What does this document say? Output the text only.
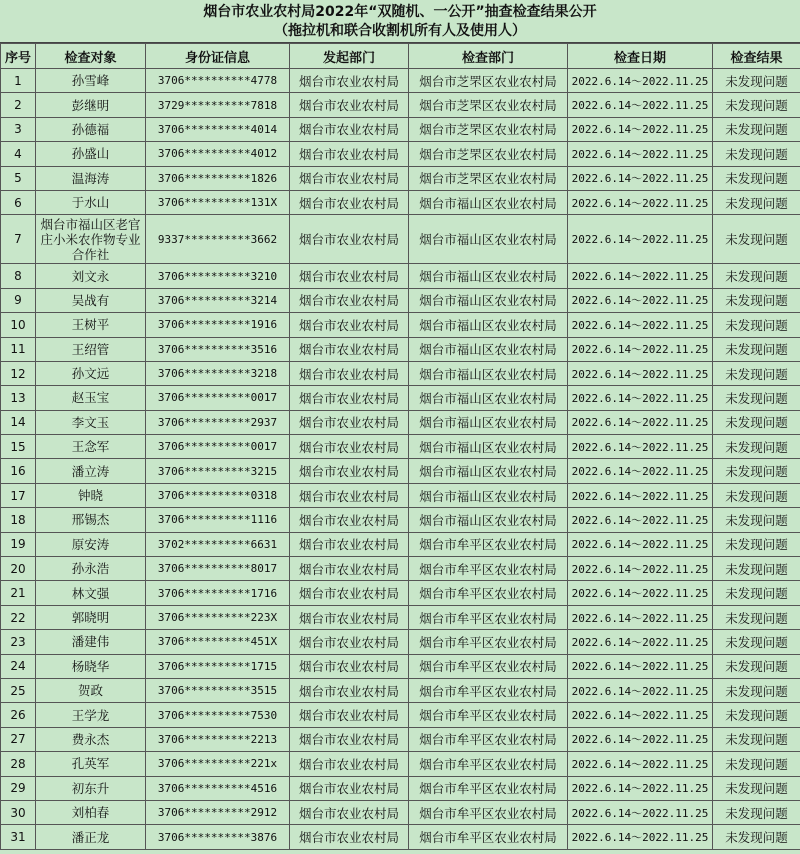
烟台市农业农村局2022年“双随机、一公开”抽查检查结果公开
（拖拉机和联合收割机所有人及使用人）
序号	检查对象	身份证信息	发起部门	检查部门	检查日期	检查结果
1	孙雪峰	3706**********4778	烟台市农业农村局	烟台市芝罘区农业农村局	2022.6.14～2022.11.25	未发现问题
2	彭继明	3729**********7818	烟台市农业农村局	烟台市芝罘区农业农村局	2022.6.14～2022.11.25	未发现问题
3	孙德福	3706**********4014	烟台市农业农村局	烟台市芝罘区农业农村局	2022.6.14～2022.11.25	未发现问题
4	孙盛山	3706**********4012	烟台市农业农村局	烟台市芝罘区农业农村局	2022.6.14～2022.11.25	未发现问题
5	温海涛	3706**********1826	烟台市农业农村局	烟台市芝罘区农业农村局	2022.6.14～2022.11.25	未发现问题
6	于水山	3706**********131X	烟台市农业农村局	烟台市福山区农业农村局	2022.6.14～2022.11.25	未发现问题
7	烟台市福山区老官庄小米农作物专业合作社	9337**********3662	烟台市农业农村局	烟台市福山区农业农村局	2022.6.14～2022.11.25	未发现问题
8	刘文永	3706**********3210	烟台市农业农村局	烟台市福山区农业农村局	2022.6.14～2022.11.25	未发现问题
9	吴战有	3706**********3214	烟台市农业农村局	烟台市福山区农业农村局	2022.6.14～2022.11.25	未发现问题
10	王树平	3706**********1916	烟台市农业农村局	烟台市福山区农业农村局	2022.6.14～2022.11.25	未发现问题
11	王绍管	3706**********3516	烟台市农业农村局	烟台市福山区农业农村局	2022.6.14～2022.11.25	未发现问题
12	孙文远	3706**********3218	烟台市农业农村局	烟台市福山区农业农村局	2022.6.14～2022.11.25	未发现问题
13	赵玉宝	3706**********0017	烟台市农业农村局	烟台市福山区农业农村局	2022.6.14～2022.11.25	未发现问题
14	李文玉	3706**********2937	烟台市农业农村局	烟台市福山区农业农村局	2022.6.14～2022.11.25	未发现问题
15	王念军	3706**********0017	烟台市农业农村局	烟台市福山区农业农村局	2022.6.14～2022.11.25	未发现问题
16	潘立涛	3706**********3215	烟台市农业农村局	烟台市福山区农业农村局	2022.6.14～2022.11.25	未发现问题
17	钟晓	3706**********0318	烟台市农业农村局	烟台市福山区农业农村局	2022.6.14～2022.11.25	未发现问题
18	邢锡杰	3706**********1116	烟台市农业农村局	烟台市福山区农业农村局	2022.6.14～2022.11.25	未发现问题
19	原安涛	3702**********6631	烟台市农业农村局	烟台市牟平区农业农村局	2022.6.14～2022.11.25	未发现问题
20	孙永浩	3706**********8017	烟台市农业农村局	烟台市牟平区农业农村局	2022.6.14～2022.11.25	未发现问题
21	林文强	3706**********1716	烟台市农业农村局	烟台市牟平区农业农村局	2022.6.14～2022.11.25	未发现问题
22	郭晓明	3706**********223X	烟台市农业农村局	烟台市牟平区农业农村局	2022.6.14～2022.11.25	未发现问题
23	潘建伟	3706**********451X	烟台市农业农村局	烟台市牟平区农业农村局	2022.6.14～2022.11.25	未发现问题
24	杨晓华	3706**********1715	烟台市农业农村局	烟台市牟平区农业农村局	2022.6.14～2022.11.25	未发现问题
25	贺政	3706**********3515	烟台市农业农村局	烟台市牟平区农业农村局	2022.6.14～2022.11.25	未发现问题
26	王学龙	3706**********7530	烟台市农业农村局	烟台市牟平区农业农村局	2022.6.14～2022.11.25	未发现问题
27	费永杰	3706**********2213	烟台市农业农村局	烟台市牟平区农业农村局	2022.6.14～2022.11.25	未发现问题
28	孔英军	3706**********221x	烟台市农业农村局	烟台市牟平区农业农村局	2022.6.14～2022.11.25	未发现问题
29	初东升	3706**********4516	烟台市农业农村局	烟台市牟平区农业农村局	2022.6.14～2022.11.25	未发现问题
30	刘柏春	3706**********2912	烟台市农业农村局	烟台市牟平区农业农村局	2022.6.14～2022.11.25	未发现问题
31	潘正龙	3706**********3876	烟台市农业农村局	烟台市牟平区农业农村局	2022.6.14～2022.11.25	未发现问题
